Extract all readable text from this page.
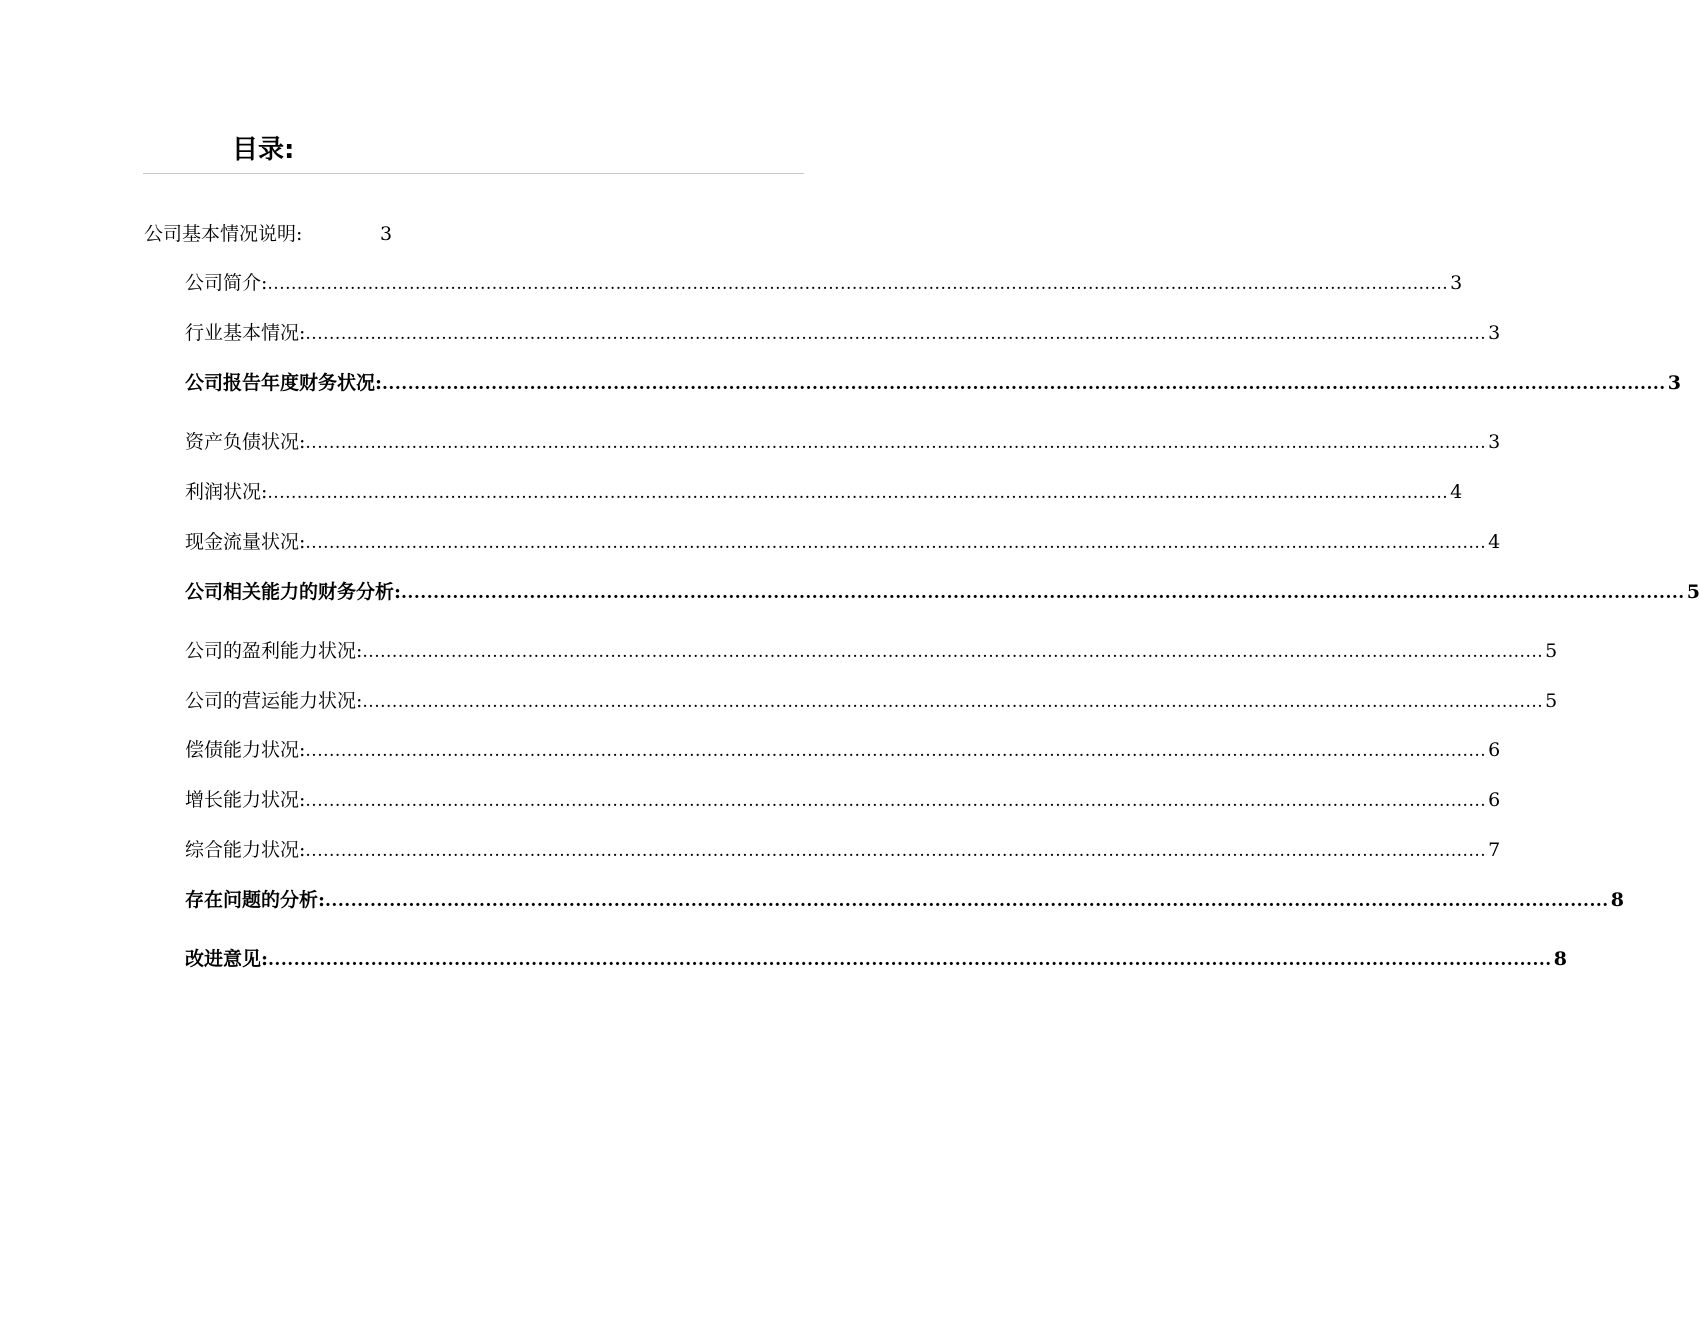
目录:
公司基本情况说明:	3
公司简介: ........................................................................................................................................................................................................ 3
行业基本情况: ........................................................................................................................................................................................................ 3
公司报告年度财务状况: ........................................................................................................................................................................................................ 3
资产负债状况: ........................................................................................................................................................................................................ 3
利润状况: ........................................................................................................................................................................................................ 4
现金流量状况: ........................................................................................................................................................................................................ 4
公司相关能力的财务分析: ........................................................................................................................................................................................................ 5
公司的盈利能力状况: ........................................................................................................................................................................................................ 5
公司的营运能力状况: ........................................................................................................................................................................................................ 5
偿债能力状况: ........................................................................................................................................................................................................ 6
增长能力状况: ........................................................................................................................................................................................................ 6
综合能力状况: ........................................................................................................................................................................................................ 7
存在问题的分析: ........................................................................................................................................................................................................ 8
改进意见: ........................................................................................................................................................................................................ 8
